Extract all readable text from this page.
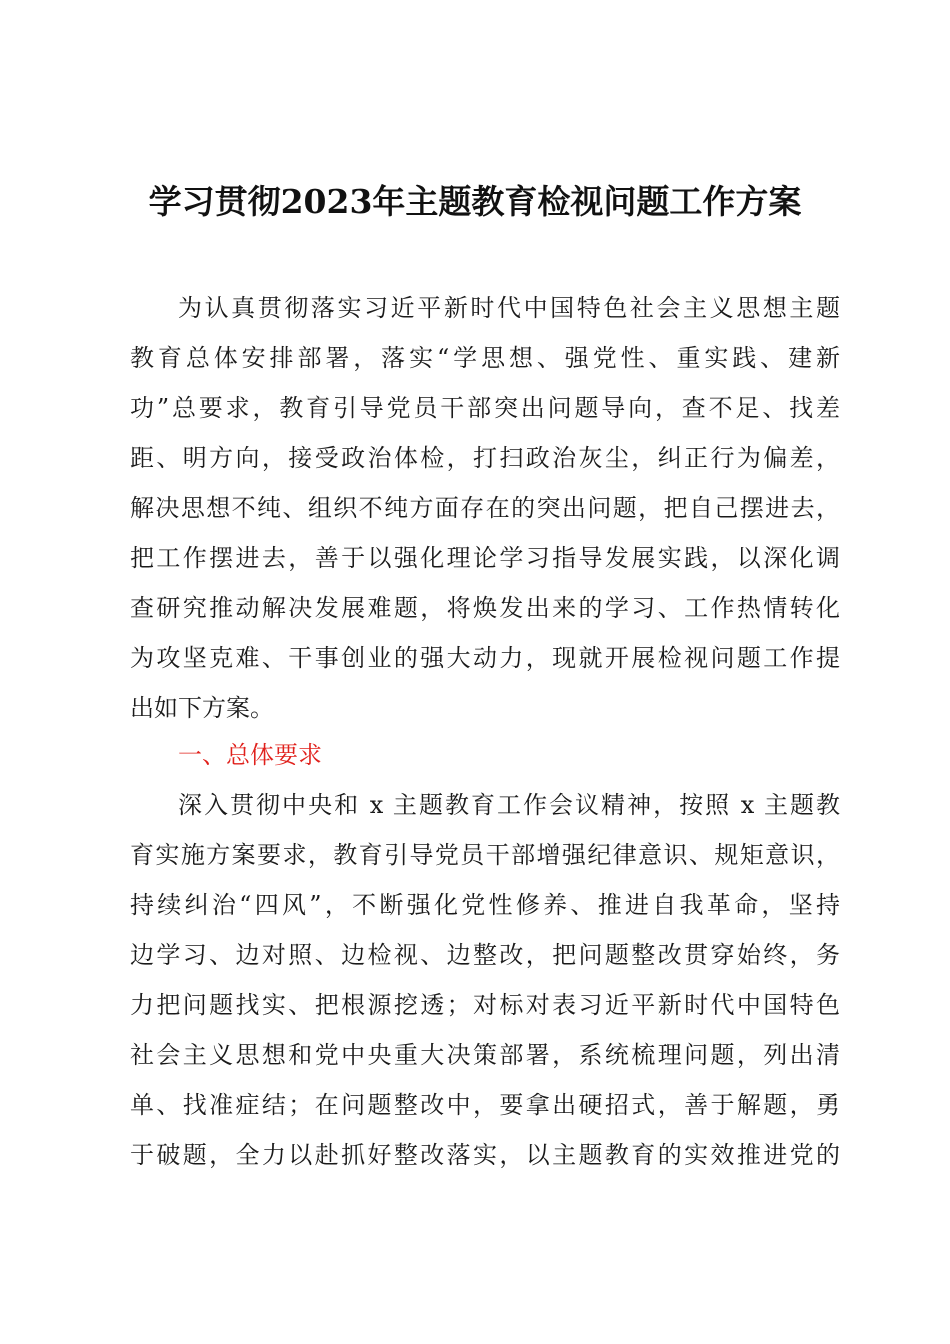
学习贯彻2023年主题教育检视问题工作方案
为认真贯彻落实习近平新时代中国特色社会主义思想主题
教育总体安排部署，落实“学思想、强党性、重实践、建新
功”总要求，教育引导党员干部突出问题导向，查不足、找差
距、明方向，接受政治体检，打扫政治灰尘，纠正行为偏差，
解决思想不纯、组织不纯方面存在的突出问题，把自己摆进去，
把工作摆进去，善于以强化理论学习指导发展实践，以深化调
查研究推动解决发展难题，将焕发出来的学习、工作热情转化
为攻坚克难、干事创业的强大动力，现就开展检视问题工作提
出如下方案。
一、总体要求
深入贯彻中央和 x 主题教育工作会议精神，按照 x 主题教
育实施方案要求，教育引导党员干部增强纪律意识、规矩意识，
持续纠治“四风”，不断强化党性修养、推进自我革命，坚持
边学习、边对照、边检视、边整改，把问题整改贯穿始终，务
力把问题找实、把根源挖透；对标对表习近平新时代中国特色
社会主义思想和党中央重大决策部署，系统梳理问题，列出清
单、找准症结；在问题整改中，要拿出硬招式，善于解题，勇
于破题，全力以赴抓好整改落实，以主题教育的实效推进党的
